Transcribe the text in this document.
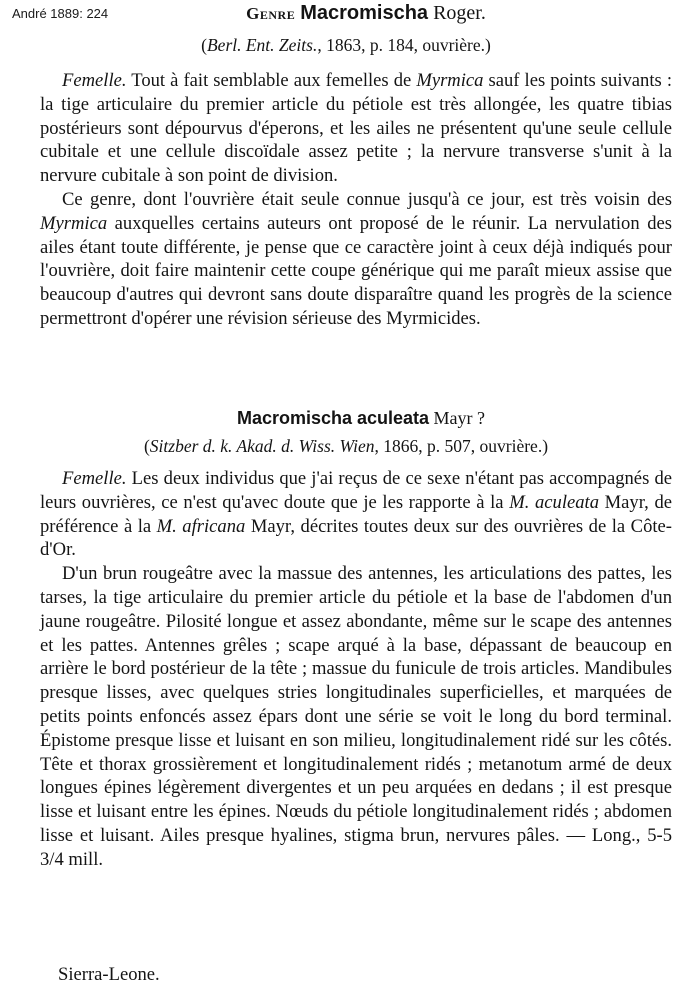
André 1889: 224	Genre Macromischa Roger.
(Berl. Ent. Zeits., 1863, p. 184, ouvrière.)

Femelle. Tout à fait semblable aux femelles de Myrmica sauf les points suivants : la tige articulaire du premier article du pétiole est très allongée, les quatre tibias postérieurs sont dépourvus d'éperons, et les ailes ne présentent qu'une seule cellule cubitale et une cellule discoïdale assez petite ; la nervure transverse s'unit à la nervure cubitale à son point de division.

Ce genre, dont l'ouvrière était seule connue jusqu'à ce jour, est très voisin des Myrmica auxquelles certains auteurs ont proposé de le réunir. La nervulation des ailes étant toute différente, je pense que ce caractère joint à ceux déjà indiqués pour l'ouvrière, doit faire maintenir cette coupe générique qui me paraît mieux assise que beaucoup d'autres qui devront sans doute disparaître quand les progrès de la science permettront d'opérer une révision sérieuse des Myrmicides.

Macromischa aculeata Mayr ?
(Sitzber d. k. Akad. d. Wiss. Wien, 1866, p. 507, ouvrière.)

Femelle. Les deux individus que j'ai reçus de ce sexe n'étant pas accompagnés de leurs ouvrières, ce n'est qu'avec doute que je les rapporte à la M. aculeata Mayr, de préférence à la M. africana Mayr, décrites toutes deux sur des ouvrières de la Côte-d'Or.

D'un brun rougeâtre avec la massue des antennes, les articulations des pattes, les tarses, la tige articulaire du premier article du pétiole et la base de l'abdomen d'un jaune rougeâtre. Pilosité longue et assez abondante, même sur le scape des antennes et les pattes. Antennes grêles ; scape arqué à la base, dépassant de beaucoup en arrière le bord postérieur de la tête ; massue du funicule de trois articles. Mandibules presque lisses, avec quelques stries longitudinales superficielles, et marquées de petits points enfoncés assez épars dont une série se voit le long du bord terminal. Épistome presque lisse et luisant en son milieu, longitudinalement ridé sur les côtés. Tête et thorax grossièrement et longitudinalement ridés ; metanotum armé de deux longues épines légèrement divergentes et un peu arquées en dedans ; il est presque lisse et luisant entre les épines. Nœuds du pétiole longitudinalement ridés ; abdomen lisse et luisant. Ailes presque hyalines, stigma brun, nervures pâles. — Long., 5-5 3/4 mill.

Sierra-Leone.
